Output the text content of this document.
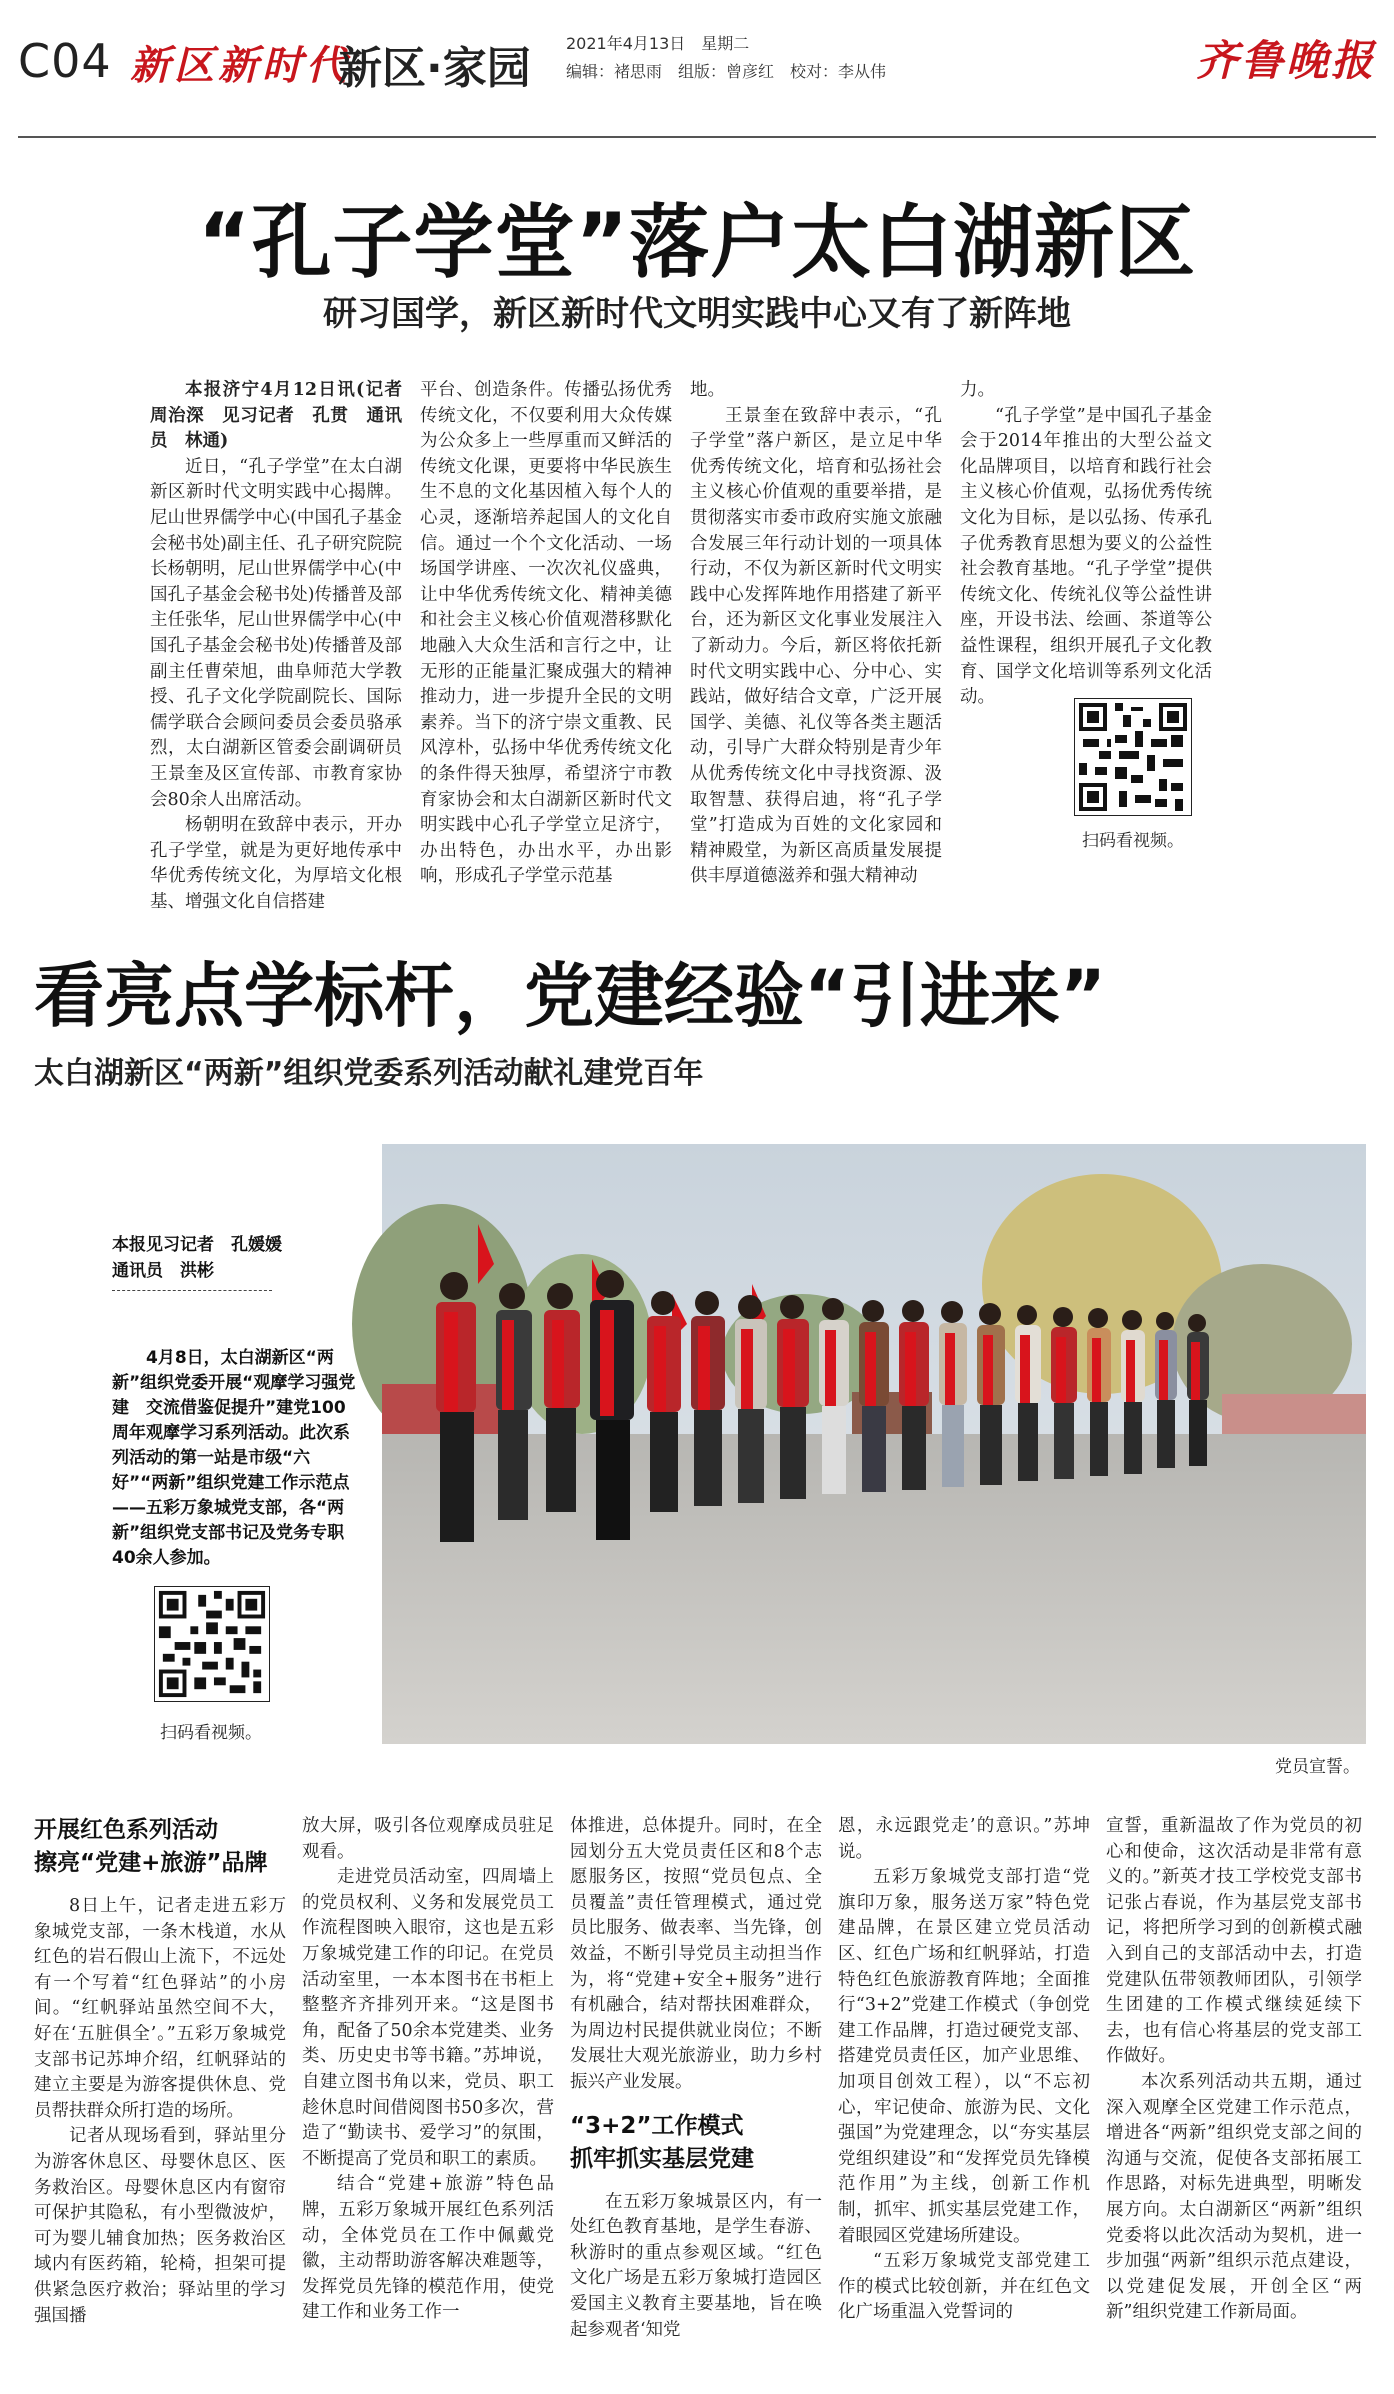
C04 新区新时代
新区·家园 2021年4月13日　星期二
编辑：褚思雨　组版：曾彦红　校对：李从伟	齐鲁晚报
“孔子学堂”落户太白湖新区
研习国学，新区新时代文明实践中心又有了新阵地

本报济宁4月12日讯(记者　周治深　见习记者　孔贯　通讯员　林通)

近日，“孔子学堂”在太白湖新区新时代文明实践中心揭牌。尼山世界儒学中心(中国孔子基金会秘书处)副主任、孔子研究院院长杨朝明，尼山世界儒学中心(中国孔子基金会秘书处)传播普及部主任张华，尼山世界儒学中心(中国孔子基金会秘书处)传播普及部副主任曹荣旭，曲阜师范大学教授、孔子文化学院副院长、国际儒学联合会顾问委员会委员骆承烈，太白湖新区管委会副调研员王景奎及区宣传部、市教育家协会80余人出席活动。

杨朝明在致辞中表示，开办孔子学堂，就是为更好地传承中华优秀传统文化，为厚培文化根基、增强文化自信搭建

平台、创造条件。传播弘扬优秀传统文化，不仅要利用大众传媒为公众多上一些厚重而又鲜活的传统文化课，更要将中华民族生生不息的文化基因植入每个人的心灵，逐渐培养起国人的文化自信。通过一个个文化活动、一场场国学讲座、一次次礼仪盛典，让中华优秀传统文化、精神美德和社会主义核心价值观潜移默化地融入大众生活和言行之中，让无形的正能量汇聚成强大的精神推动力，进一步提升全民的文明素养。当下的济宁崇文重教、民风淳朴，弘扬中华优秀传统文化的条件得天独厚，希望济宁市教育家协会和太白湖新区新时代文明实践中心孔子学堂立足济宁，办出特色，办出水平，办出影响，形成孔子学堂示范基

地。

王景奎在致辞中表示，“孔子学堂”落户新区，是立足中华优秀传统文化，培育和弘扬社会主义核心价值观的重要举措，是贯彻落实市委市政府实施文旅融合发展三年行动计划的一项具体行动，不仅为新区新时代文明实践中心发挥阵地作用搭建了新平台，还为新区文化事业发展注入了新动力。今后，新区将依托新时代文明实践中心、分中心、实践站，做好结合文章，广泛开展国学、美德、礼仪等各类主题活动，引导广大群众特别是青少年从优秀传统文化中寻找资源、汲取智慧、获得启迪，将“孔子学堂”打造成为百姓的文化家园和精神殿堂，为新区高质量发展提供丰厚道德滋养和强大精神动

力。

“孔子学堂”是中国孔子基金会于2014年推出的大型公益文化品牌项目，以培育和践行社会主义核心价值观，弘扬优秀传统文化为目标，是以弘扬、传承孔子优秀教育思想为要义的公益性社会教育基地。“孔子学堂”提供传统文化、传统礼仪等公益性讲座，开设书法、绘画、茶道等公益性课程，组织开展孔子文化教育、国学文化培训等系列文化活动。

扫码看视频。
看亮点学标杆，党建经验“引进来”
太白湖新区“两新”组织党委系列活动献礼建党百年
本报见习记者　孔媛媛
通讯员　洪彬

4月8日，太白湖新区“两新”组织党委开展“观摩学习强党建　交流借鉴促提升”建党100周年观摩学习系列活动。此次系列活动的第一站是市级“六好”“两新”组织党建工作示范点——五彩万象城党支部，各“两新”组织党支部书记及党务专职40余人参加。

扫码看视频。
党员宣誓。
开展红色系列活动
擦亮“党建+旅游”品牌

8日上午，记者走进五彩万象城党支部，一条木栈道，水从红色的岩石假山上流下，不远处有一个写着“红色驿站”的小房间。“红帆驿站虽然空间不大，好在‘五脏俱全’。”五彩万象城党支部书记苏坤介绍，红帆驿站的建立主要是为游客提供休息、党员帮扶群众所打造的场所。

记者从现场看到，驿站里分为游客休息区、母婴休息区、医务救治区。母婴休息区内有窗帘可保护其隐私，有小型微波炉，可为婴儿辅食加热；医务救治区域内有医药箱，轮椅，担架可提供紧急医疗救治；驿站里的学习强国播

放大屏，吸引各位观摩成员驻足观看。

走进党员活动室，四周墙上的党员权利、义务和发展党员工作流程图映入眼帘，这也是五彩万象城党建工作的印记。在党员活动室里，一本本图书在书柜上整整齐齐排列开来。“这是图书角，配备了50余本党建类、业务类、历史史书等书籍。”苏坤说，自建立图书角以来，党员、职工趁休息时间借阅图书50多次，营造了“勤读书、爱学习”的氛围，不断提高了党员和职工的素质。

结合“党建+旅游”特色品牌，五彩万象城开展红色系列活动，全体党员在工作中佩戴党徽，主动帮助游客解决难题等，发挥党员先锋的模范作用，使党建工作和业务工作一

体推进，总体提升。同时，在全园划分五大党员责任区和8个志愿服务区，按照“党员包点、全员覆盖”责任管理模式，通过党员比服务、做表率、当先锋，创效益，不断引导党员主动担当作为，将“党建+安全+服务”进行有机融合，结对帮扶困难群众，为周边村民提供就业岗位；不断发展壮大观光旅游业，助力乡村振兴产业发展。

“3+2”工作模式
抓牢抓实基层党建

在五彩万象城景区内，有一处红色教育基地，是学生春游、秋游时的重点参观区域。“红色文化广场是五彩万象城打造园区爱国主义教育主要基地，旨在唤起参观者‘知党

恩，永远跟党走’的意识。”苏坤说。

五彩万象城党支部打造“党旗印万象，服务送万家”特色党建品牌，在景区建立党员活动区、红色广场和红帆驿站，打造特色红色旅游教育阵地；全面推行“3+2”党建工作模式（争创党建工作品牌，打造过硬党支部、搭建党员责任区，加产业思维、加项目创效工程），以“不忘初心，牢记使命、旅游为民、文化强国”为党建理念，以“夯实基层党组织建设”和“发挥党员先锋模范作用”为主线，创新工作机制，抓牢、抓实基层党建工作，着眼园区党建场所建设。

“五彩万象城党支部党建工作的模式比较创新，并在红色文化广场重温入党誓词的

宣誓，重新温故了作为党员的初心和使命，这次活动是非常有意义的。”新英才技工学校党支部书记张占春说，作为基层党支部书记，将把所学习到的创新模式融入到自己的支部活动中去，打造党建队伍带领教师团队，引领学生团建的工作模式继续延续下去，也有信心将基层的党支部工作做好。

本次系列活动共五期，通过深入观摩全区党建工作示范点，增进各“两新”组织党支部之间的沟通与交流，促使各支部拓展工作思路，对标先进典型，明晰发展方向。太白湖新区“两新”组织党委将以此次活动为契机，进一步加强“两新”组织示范点建设，以党建促发展，开创全区“两新”组织党建工作新局面。
